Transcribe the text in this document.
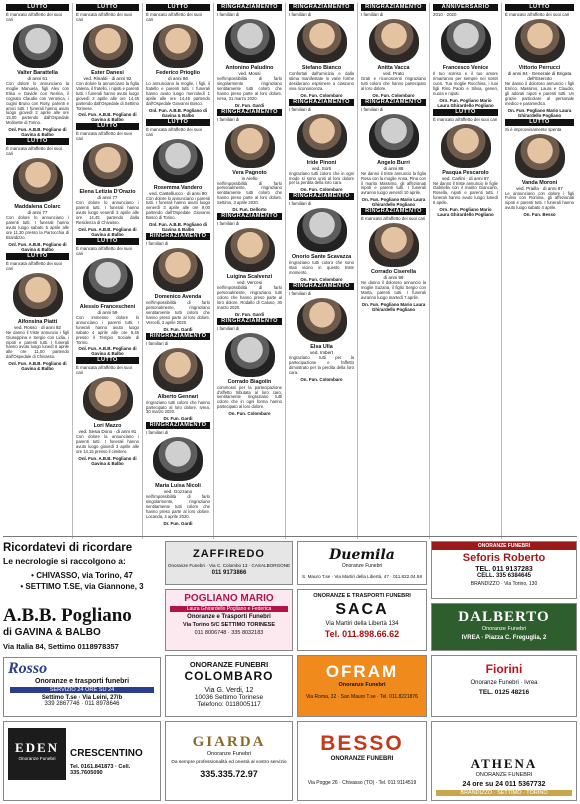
LUTTO
È mancato all'affetto dei suoi cari
Valter Barattella
di anni 61
Con dolore lo annunciano la moglie Manuela, figli Alex con Elisa e Davide con Nerina, il cognato Claudio con Veronica, i cugini Bruno con Rosy, parenti e amici tutti. I funerali hanno avuto luogo giovedì 2 aprile alle ore 15,00 partendo dall'Ospedale Molinette di Torino.
Onl. Fun. A.B.B. Pogliano di Gavina & Balbo
LUTTO
È mancata all'affetto dei suoi cari
Maddalena Colarc
di anni 77
Con dolore lo annunciano i parenti tutti. I funerali hanno avuto luogo sabato 5 aprile alle ore 11,30 presso la Parrocchia di Brandizzo.
Onl. Fun. A.B.B. Pogliano di Gavina & Balbo
LUTTO
È mancata all'affetto dei suoi cari
Alfonsina Piatti
ved. Rosso · di anni 92
Ne danno il triste annuncio i figli Giuseppina e Sergio con Lidia, i nipoti e parenti tutti. I funerali hanno avuto luogo lunedì 6 aprile alle ore 11,00 partendo dall'Ospedale di Chivasso.
Onl. Fun. A.B.B. Pogliano di Gavina & Balbo
LUTTO
È mancata all'affetto dei suoi cari
Ester Danesi
ved. Rinaldi · di anni 92
Con dolore la annunciano la figlia Valeria, il fratello, i nipoti e parenti tutti. I funerali hanno avuto luogo giovedì 2 aprile alle ore 14,45 partendo dall'Ospedale di Settimo Torinese.
Onl. Fun. A.B.B. Pogliano di Gavina & Balbo
LUTTO
È mancata all'affetto dei suoi cari
Elena Letizia D'Orazio
di anni 77
Con dolore lo annunciano i parenti tutti. I funerali hanno avuto luogo venerdì 3 aprile alle ore 14,45 partendo dalla Residenza di Chivasso.
Onl. Fun. A.B.B. Pogliano di Gavina & Balbo
LUTTO
È mancato all'affetto dei suoi cari
Alessio Francescheni
di anni 59
Con immenso dolore lo annunciano i parenti tutti. I funerali hanno avuto luogo sabato 4 aprile alle ore 9,45 presso il Tempio Sociale di Torino.
Onl. Fun. A.B.B. Pogliano di Gavina & Balbo
LUTTO
È mancata all'affetto dei suoi cari
Lori Mazzo
ved. Sesia Dono · di anni 91
Con dolore la annunciano i parenti tutti. I funerali hanno avuto luogo giovedì 3 aprile alle ore 14,15 presso il cimitero.
Onl. Fun. A.B.B. Pogliano di Gavina & Balbo
LUTTO
È mancato all'affetto dei suoi cari
Federico Prioglio
di anni 86
Lo annunciano la moglie, i figli, il fratello e parenti tutti. I funerali hanno avuto luogo mercoledì 1 aprile alle ore 14,45 partendo dall'Ospedale Giovanni Bosco.
Onl. Fun. A.B.B. Pogliano di Gavina & Balbo
LUTTO
È mancata all'affetto dei suoi cari
Rosemma Vandero
ved. Castellucco · di anni 90
Con dolore lo annunciano i parenti tutti. I funerali hanno avuto luogo venerdì 3 aprile alle ore 9,00 partendo dall'Ospedale Giovanni Bosco di Torino.
Onl. Fun. A.B.B. Pogliano di Gavina & Balbo
RINGRAZIAMENTO
I familiari di
Domenico Avenda
nell'impossibilità di farlo personalmente, ringraziano sentitamente tutti coloro che hanno preso parte al loro dolore. Vercelli, 3 aprile 2020.
Dr. Fun. Gardi
RINGRAZIAMENTO
I familiari di
Alberto Gennari
ringraziano tutti coloro che hanno partecipato al loro dolore. Ivrea, 30 marzo 2020.
Dr. Fun. Gardi
RINGRAZIAMENTO
I familiari di
Maria Luisa Nicoli
ved. Gozzano
nell'impossibilità di farlo singolarmente, ringraziano sentitamente tutti coloro che hanno preso parte al loro dolore. Locanda, 4 aprile 2020.
Dr. Fun. Gardi
RINGRAZIAMENTO
I familiari di
Antonino Paludino
ved. Mossi
nell'impossibilità di farlo singolarmente ringraziano sentitamente tutti coloro che hanno preso parte al loro dolore. Ivrea, 31 marzo 2020.
Dr. Fun. Gardi
RINGRAZIAMENTO
I familiari di
Vera Pagnoto
in Aiello
nell'impossibilità di farlo personalmente, ringraziano sentitamente tutti coloro che hanno preso parte al loro dolore. Settimo, 3 aprile 2020.
Dr. Fun. Dellorto
RINGRAZIAMENTO
I familiari di
Luigina Scalvenzi
ved. Vercesi
nell'impossibilità di farlo personalmente, ringraziano tutti coloro che hanno preso parte al loro dolore. Rodallo di Caluso, 30 marzo 2020.
Dr. Fun. Gardi
RINGRAZIAMENTO
I familiari di
Corrado Biagolin
commossi per la partecipazione d'affetto tributata al loro caro, sentitamente ringraziano tutti coloro che in ogni forma hanno partecipato al loro dolore.
On. Fun. Colombaro
RINGRAZIAMENTO
I familiari di
Stefano Bianco
Confortati dall'amicizia e dalla stima manifestate in varie forme desiderano esprimere a ciascuno viva riconoscenza.
On. Fun. Colombaro
RINGRAZIAMENTO
I familiari di
Iride Pinoni
ved. Sorti
ringraziano tutti coloro che in ogni modo si sono uniti al loro dolore per la perdita della loro cara.
On. Fun. Colombaro
RINGRAZIAMENTO
I familiari di
Onorio Sante Scavazza
ringraziano tutti coloro che sono stati vicino in questo triste momento.
On. Fun. Colombaro
RINGRAZIAMENTO
I familiari di
Elsa Ulla
ved. Imbert
ringraziano tutti per la partecipazione e l'affetto dimostrato per la perdita della loro cara.
On. Fun. Colombaro
RINGRAZIAMENTO
I familiari di
Anitta Vacca
ved. Prato
Grati e riconoscenti ringraziano tutti coloro che hanno partecipato al loro dolore.
On. Fun. Colombaro
RINGRAZIAMENTO
I familiari di
Angelo Burri
di anni 88
Ne danno il triste annuncio la figlia Rosa con la moglie Anna, Pina con il marito Massimo, gli affezionati nipoti e parenti tutti. I funerali avranno luogo venerdì 10 aprile.
On. Fun. Pogliano Mario Laura Ghirardello Pogliano
RINGRAZIAMENTO
È mancato all'affetto dei suoi cari
Corrado Ciserella
di anni 96
Ne danno il doloroso annuncio la moglie Suzana, il figlio Sergio con Marta, parenti tutti. I funerali avranno luogo martedì 7 aprile.
On. Fun. Pogliano Mario Laura Ghirardello Pogliano
ANNIVERSARIO
2010 · 2020
Francesco Venice
Il tuo sorriso e il tuo amore rimarranno per sempre nei nostri cuori. Tua moglie Rocchina, i tuoi figli Rino Paolo e Silvia, generi, nuora e nipoti.
Orn. Fun. Pogliano Mario Laura Ghirardello Pogliano
LUTTO
È mancato all'affetto dei suoi cari
Pasqua Pescarolo
ved. Carlini · di anni 87
Ne danno il triste annuncio le figlie Gabriella con il marito Giancarlo, Rosella, nipoti e parenti tutti. I funerali hanno avuto luogo lunedì 6 aprile.
Orn. Fun. Pogliano Mario Laura Ghirardello Pogliano
LUTTO
È mancato all'affetto dei suoi cari
Vittorio Perrucci
di anni 84 · Generale di Brigata dell'Esercito
Ne danno il doloroso annuncio i figli Enrico, Massimo, Laura e Claudio, gli adorati nipoti e parenti tutti. Un grazie particolare al personale medico e paramedico.
On. Fun. Pogliano Mario Laura Ghirardello Pogliano
LUTTO
Si è improvvisamente spenta
Vanda Moroni
ved. Prailla · di anni 87
Le annunciano con dolore i figli Fulvio con Romina, gli affezionati nipoti e parenti tutti. I funerali hanno avuto luogo sabato 4 aprile.
On. Fun. Besso
Ricordatevi di ricordare
Le necrologie si raccolgono a:
• CHIVASSO, via Torino, 47
• SETTIMO T.SE, via Giannone, 3
ZAFFIREDO
Onoranze Funebri · Via C. Colombo 13 · CASALBORGONE
011 9173866
Duemila
Onoranze Funebri
S. Mauro T.se · Via Martiri della Libertà, 47 · 011.822.04.58
ONORANZE FUNEBRI
Seforis Roberto
TEL. 011 9137283
CELL. 335 6384645
BRANDIZZO · Via Torino, 130
A.B.B. Pogliano
di GAVINA & BALBO
Via Italia 84, Settimo 0118978357
POGLIANO MARIO
Laura Ghirardello Pogliano e Federica
Onoranze e Trasporti Funebri
Via Torino 5/C SETTIMO TORINESE
011 8006748 · 335 8032183
ONORANZE E TRASPORTI FUNEBRI
SACA
Via Martiri della Libertà 134
Tel. 011.898.66.62
DALBERTO
Onoranze Funebri
IVREA · Piazza C. Freguglia, 2
Rosso
Onoranze e trasporti funebri
SERVIZIO 24 ORE SU 24
Settimo T.se · Via Leini, 27/b
339 2867746 · 011 8978646
ONORANZE FUNEBRI
COLOMBARO
Via G. Verdi, 12
10036 Settimo Torinese
Telefono: 0118005117
OFRAM
Onoranze Funebri
Via Roma, 32 · San Mauro T.se · Tel. 011.8221876
Fiorini
Onoranze Funebri · Ivrea
TEL. 0125 48216
EDEN
Onoranze Funebri	CRESCENTINO
Tel. 0161.841873 · Cell. 335.7605090
GIARDA
Onoranze Funebri
Da sempre professionalità ed onestà al vostro servizio
335.335.72.97
BESSO
ONORANZE FUNEBRI
Via Pogge 26 · Chivasso (TO) · Tel. 011 9114519
ATHENA
ONORANZE FUNEBRI
24 ore su 24 011 5367732
BRANDIZZO · SETTIMO · TORINO
